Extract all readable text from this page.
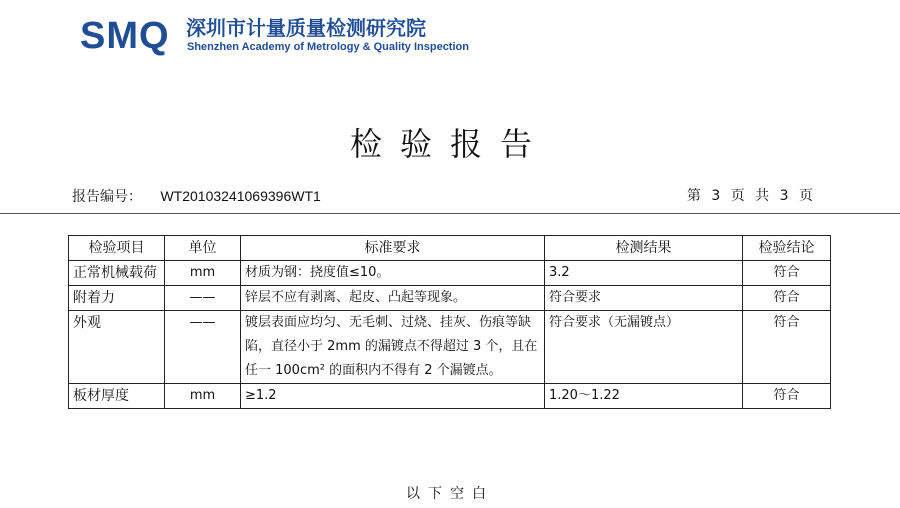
SMQ 深圳市计量质量检测研究院
Shenzhen Academy of Metrology & Quality Inspection
检验报告
报告编号： WT20103241069396WT1	第 3 页 共 3 页
检验项目	单位	标准要求	检测结果	检验结论
正常机械载荷	mm	材质为钢：挠度值≤10。	3.2	符合
附着力	——	锌层不应有剥离、起皮、凸起等现象。	符合要求	符合
外观	——	镀层表面应均匀、无毛刺、过烧、挂灰、伤痕等缺陷，直径小于 2mm 的漏镀点不得超过 3 个，且在任一 100cm² 的面积内不得有 2 个漏镀点。	符合要求（无漏镀点）	符合
板材厚度	mm	≥1.2	1.20～1.22	符合
以下空白
